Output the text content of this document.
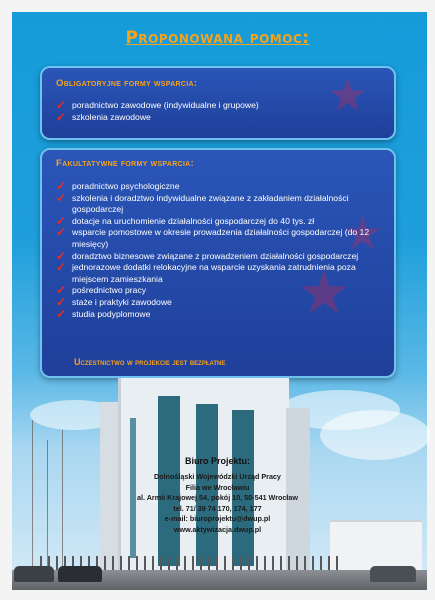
Proponowana pomoc:
★
Obligatoryjne formy wsparcia:
✓ poradnictwo zawodowe (indywidualne i grupowe)
✓ szkolenia zawodowe
★
★
Fakultatywne formy wsparcia:
✓ poradnictwo psychologiczne
✓ szkolenia i doradztwo indywidualne związane z zakładaniem działalności gospodarczej
✓ dotacje na uruchomienie działalności gospodarczej do 40 tys. zł
✓ wsparcie pomostowe w okresie prowadzenia działalności gospodarczej (do 12 miesięcy)
✓ doradztwo biznesowe związane z prowadzeniem działalności gospodarczej
✓ jednorazowe dodatki relokacyjne na wsparcie uzyskania zatrudnienia poza miejscem zamieszkania
✓ pośrednictwo pracy
✓ staże i praktyki zawodowe
✓ studia podyplomowe
Uczestnictwo w projekcie jest bezpłatne
Biuro Projektu:
Dolnośląski Wojewódzki Urząd Pracy
Filia we Wrocławiu
al. Armii Krajowej 54, pokój 10, 50-541 Wrocław
tel. 71/ 39 74 170, 174, 177
e-mail: biuroprojektu@dwup.pl
www.aktywizacja.dwup.pl
